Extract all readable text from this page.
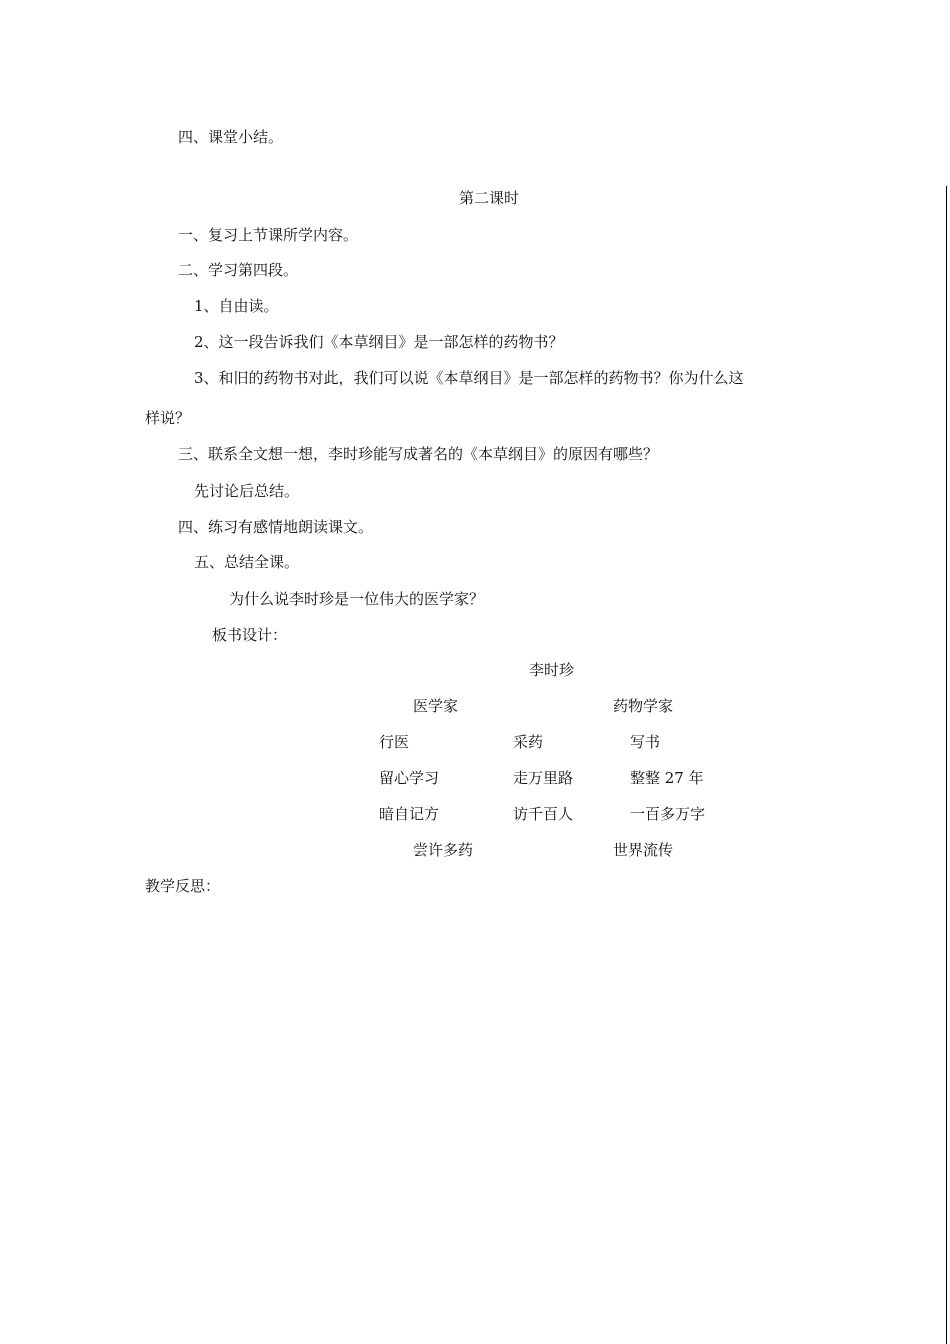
四、课堂小结。

第二课时

一、复习上节课所学内容。

二、学习第四段。

1、自由读。

2、这一段告诉我们《本草纲目》是一部怎样的药物书？

3、和旧的药物书对此，我们可以说《本草纲目》是一部怎样的药物书？你为什么这

样说？

三、联系全文想一想，李时珍能写成著名的《本草纲目》的原因有哪些？

先讨论后总结。

四、练习有感情地朗读课文。

五、总结全课。

为什么说李时珍是一位伟大的医学家？

板书设计：

李时珍

医学家	药物学家

行医	采药	写书

留心学习	走万里路	整整 27 年

暗自记方	访千百人	一百多万字

尝许多药	世界流传

教学反思：
